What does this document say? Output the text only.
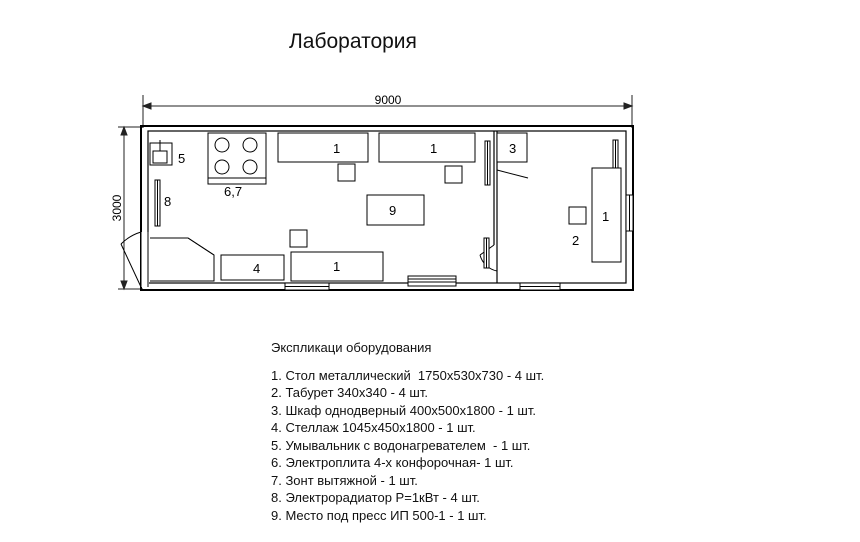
Лаборатория
9000
3000
5
6,7
8
1	1
9
1
4
3
1
2
Экспликаци оборудования
1. Стол металлический  1750х530х730 - 4 шт.
2. Табурет 340х340 - 4 шт.
3. Шкаф однодверный 400х500х1800 - 1 шт.
4. Стеллаж 1045х450х1800 - 1 шт.
5. Умывальник с водонагревателем  - 1 шт.
6. Электроплита 4-х конфорочная- 1 шт.
7. Зонт вытяжной - 1 шт.
8. Электрорадиатор P=1кВт - 4 шт.
9. Место под пресс ИП 500-1 - 1 шт.
